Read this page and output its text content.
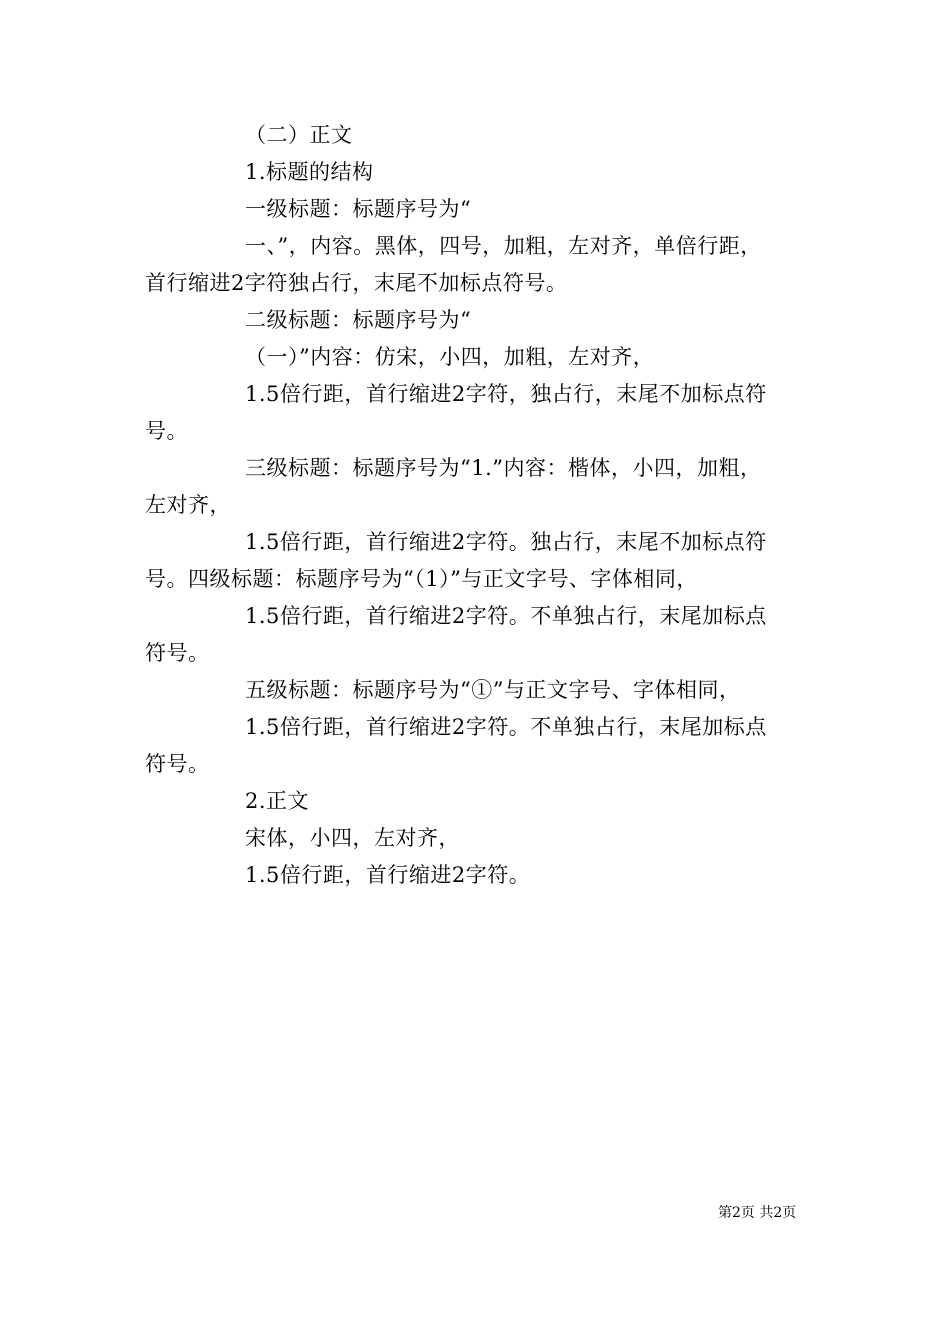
（二）正文
1.标题的结构
一级标题：标题序号为“
一、”，内容。黑体，四号，加粗，左对齐，单倍行距，
首行缩进2字符独占行，末尾不加标点符号。
二级标题：标题序号为“
（一）”内容：仿宋，小四，加粗，左对齐，
1.5倍行距，首行缩进2字符，独占行，末尾不加标点符
号。
三级标题：标题序号为“1.”内容：楷体，小四，加粗，
左对齐，
1.5倍行距，首行缩进2字符。独占行，末尾不加标点符
号。四级标题：标题序号为“（1）”与正文字号、字体相同，
1.5倍行距，首行缩进2字符。不单独占行，末尾加标点
符号。
五级标题：标题序号为“①”与正文字号、字体相同，
1.5倍行距，首行缩进2字符。不单独占行，末尾加标点
符号。
2.正文
宋体，小四，左对齐，
1.5倍行距，首行缩进2字符。
第2页 共2页
